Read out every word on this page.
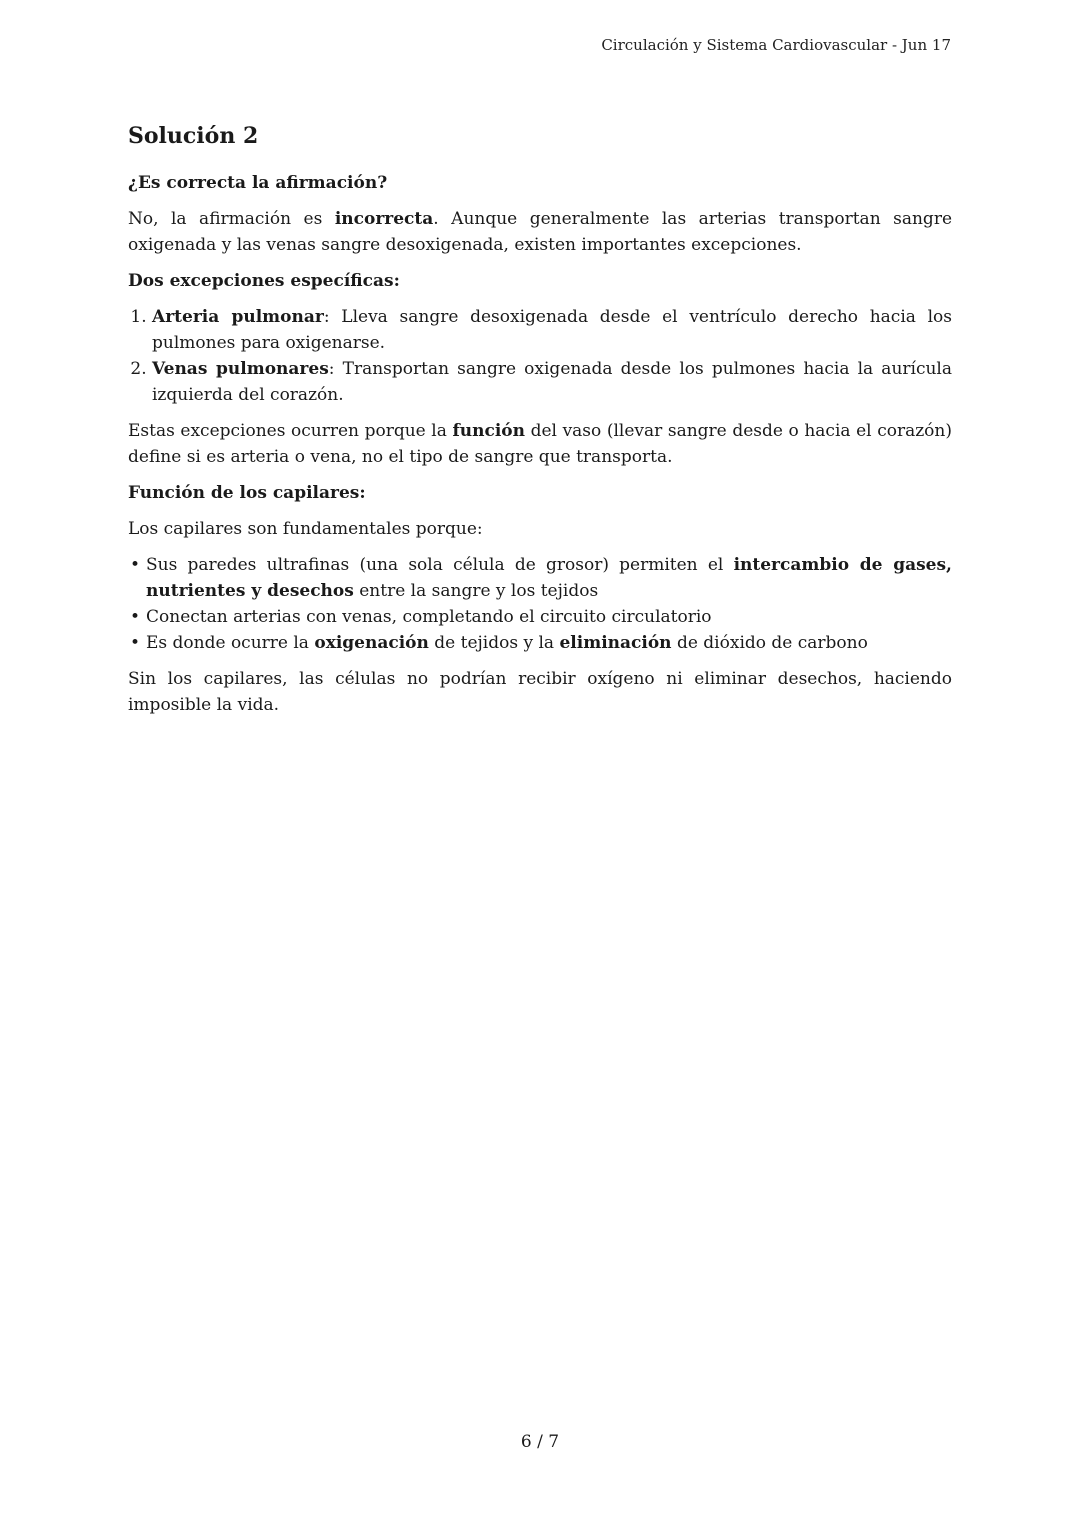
Circulación y Sistema Cardiovascular - Jun 17
Solución 2
¿Es correcta la afirmación?

No, la afirmación es incorrecta. Aunque generalmente las arterias transportan sangre oxigenada y las venas sangre desoxigenada, existen importantes excepciones.

Dos excepciones específicas:
1. Arteria pulmonar: Lleva sangre desoxigenada desde el ventrículo derecho hacia los pulmones para oxigenarse.
2. Venas pulmonares: Transportan sangre oxigenada desde los pulmones hacia la aurícula izquierda del corazón.

Estas excepciones ocurren porque la función del vaso (llevar sangre desde o hacia el corazón) define si es arteria o vena, no el tipo de sangre que transporta.

Función de los capilares:

Los capilares son fundamentales porque:

• Sus paredes ultrafinas (una sola célula de grosor) permiten el intercambio de gases, nutrientes y desechos entre la sangre y los tejidos
• Conectan arterias con venas, completando el circuito circulatorio
• Es donde ocurre la oxigenación de tejidos y la eliminación de dióxido de carbono

Sin los capilares, las células no podrían recibir oxígeno ni eliminar desechos, haciendo imposible la vida.

6 / 7
